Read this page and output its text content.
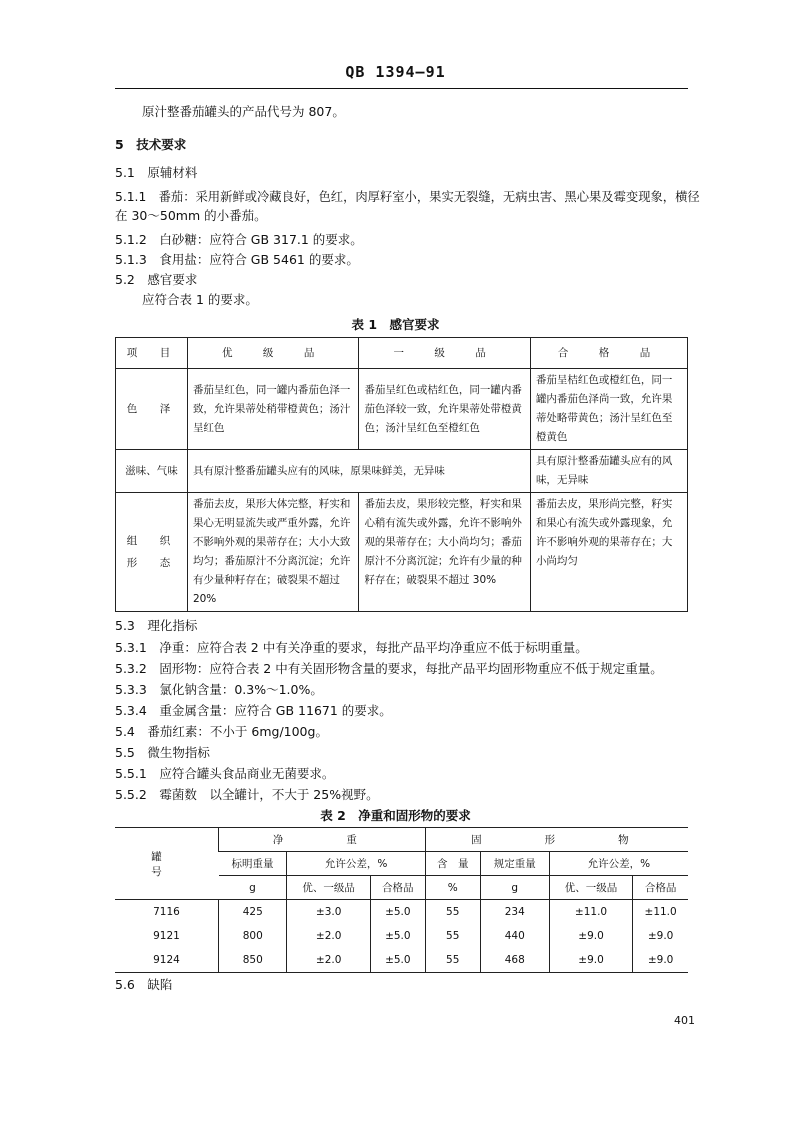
QB 1394—91
原汁整番茄罐头的产品代号为 807。
5　 技术要求
5.1　 原辅材料
5.1.1　 番茄：采用新鲜或冷藏良好，色红，肉厚籽室小，果实无裂缝，无病虫害、黑心果及霉变现象，横径
在 30～50mm 的小番茄。
5.1.2　 白砂糖：应符合 GB 317.1 的要求。
5.1.3　 食用盐：应符合 GB 5461 的要求。
5.2　 感官要求
应符合表 1 的要求。
表 1　感官要求
项　目	优　级　品	一　级　品	合　格　品
色　泽	番茄呈红色，同一罐内番茄色泽一致，允许果蒂处稍带橙黄色；汤汁呈红色	番茄呈红色或桔红色，同一罐内番茄色泽较一致，允许果蒂处带橙黄色；汤汁呈红色至橙红色	番茄呈桔红色或橙红色，同一罐内番茄色泽尚一致，允许果蒂处略带黄色；汤汁呈红色至橙黄色
滋味、气味	具有原汁整番茄罐头应有的风味，原果味鲜美，无异味		具有原汁整番茄罐头应有的风味，无异味
组　织
形　态	番茄去皮，果形大体完整，籽实和果心无明显流失或严重外露，允许不影响外观的果蒂存在；大小大致均匀；番茄原汁不分离沉淀；允许有少量种籽存在；破裂果不超过 20%	番茄去皮，果形较完整，籽实和果心稍有流失或外露，允许不影响外观的果蒂存在；大小尚均匀；番茄原汁不分离沉淀；允许有少量的种籽存在；破裂果不超过 30%	番茄去皮，果形尚完整，籽实和果心有流失或外露现象，允许不影响外观的果蒂存在；大小尚均匀
5.3　 理化指标
5.3.1　 净重：应符合表 2 中有关净重的要求，每批产品平均净重应不低于标明重量。
5.3.2　 固形物：应符合表 2 中有关固形物含量的要求，每批产品平均固形物重应不低于规定重量。
5.3.3　 氯化钠含量：0.3%～1.0%。
5.3.4　 重金属含量：应符合 GB 11671 的要求。
5.4　 番茄红素：不小于 6mg/100g。
5.5　 微生物指标
5.5.1　 应符合罐头食品商业无菌要求。
5.5.2　 霉菌数　以全罐计，不大于 25%视野。
表 2　净重和固形物的要求
罐　　号	净　　重			固　　形　　物			
	标明重量	允许公差，%		含　量	规定重量	允许公差，%	
	g	优、一级品	合格品	%	g	优、一级品	合格品
7116	425	±3.0	±5.0	55	234	±11.0	±11.0
9121	800	±2.0	±5.0	55	440	±9.0	±9.0
9124	850	±2.0	±5.0	55	468	±9.0	±9.0
5.6　 缺陷
401
